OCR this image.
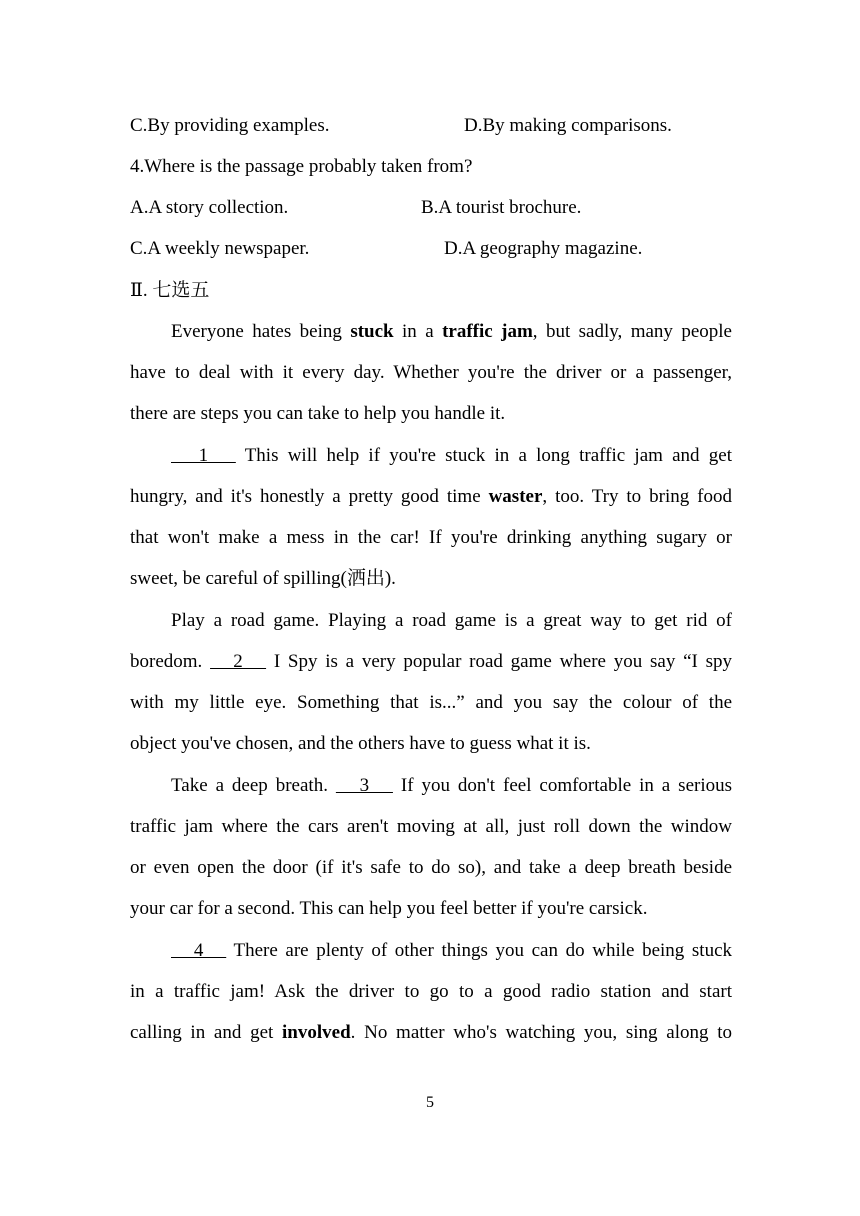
C.By providing examples.	D.By making comparisons.
4.Where is the passage probably taken from?
A.A story collection.	B.A tourist brochure.
C.A weekly newspaper.	D.A geography magazine.
Ⅱ. 七选五
Everyone hates being stuck in a traffic jam, but sadly, many people
have to deal with it every day. Whether you're the driver or a passenger,
there are steps you can take to help you handle it.
1    This will help if you're stuck in a long traffic jam and get
hungry, and it's honestly a pretty good time waster, too. Try to bring food
that won't make a mess in the car! If you're drinking anything sugary or
sweet, be careful of spilling(洒出).
Play a road game. Playing a road game is a great way to get rid of
boredom.    2    I Spy is a very popular road game where you say “I spy
with my little eye. Something that is...” and you say the colour of the
object you've chosen, and the others have to guess what it is.
Take a deep breath.    3    If you don't feel comfortable in a serious
traffic jam where the cars aren't moving at all, just roll down the window
or even open the door (if it's safe to do so), and take a deep breath beside
your car for a second. This can help you feel better if you're carsick.
4    There are plenty of other things you can do while being stuck
in a traffic jam! Ask the driver to go to a good radio station and start
calling in and get involved. No matter who's watching you, sing along to
5
